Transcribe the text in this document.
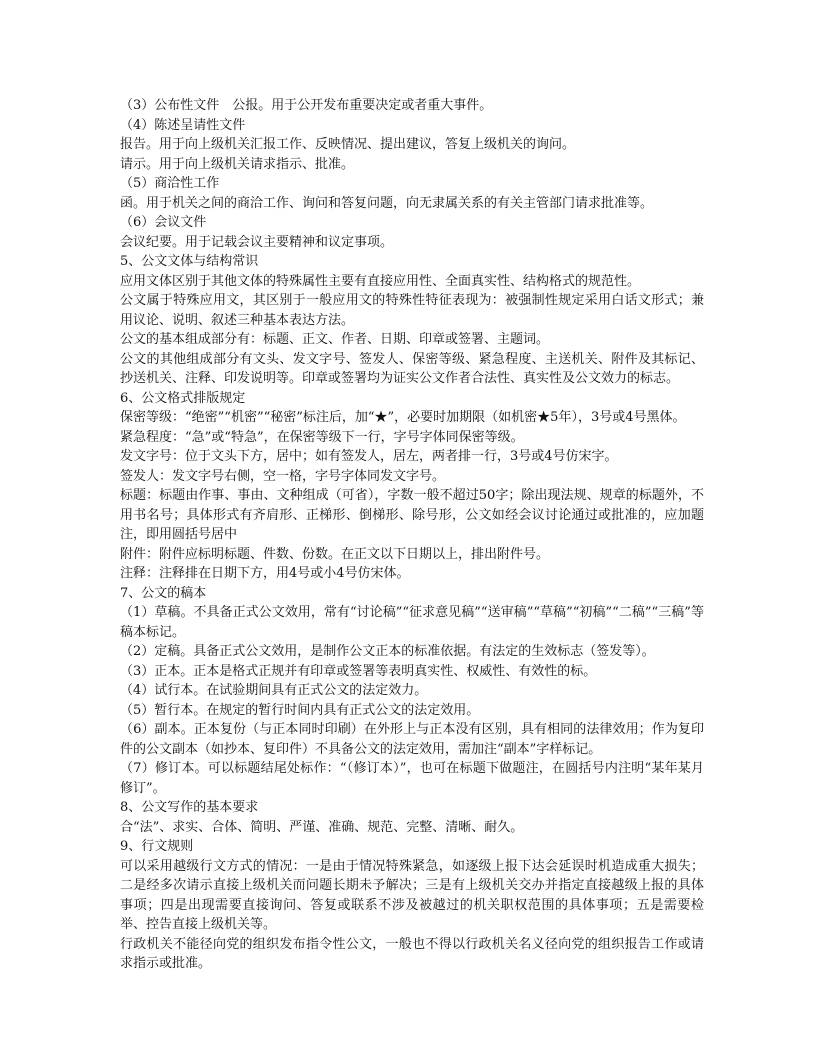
（3）公布性文件　公报。用于公开发布重要决定或者重大事件。

（4）陈述呈请性文件

报告。用于向上级机关汇报工作、反映情况、提出建议，答复上级机关的询问。

请示。用于向上级机关请求指示、批准。

（5）商洽性工作

函。用于机关之间的商洽工作、询问和答复问题，向无隶属关系的有关主管部门请求批准等。

（6）会议文件

会议纪要。用于记载会议主要精神和议定事项。

5、公文文体与结构常识

应用文体区别于其他文体的特殊属性主要有直接应用性、全面真实性、结构格式的规范性。

公文属于特殊应用文，其区别于一般应用文的特殊性特征表现为：被强制性规定采用白话文形式；兼用议论、说明、叙述三种基本表达方法。

公文的基本组成部分有：标题、正文、作者、日期、印章或签署、主题词。

公文的其他组成部分有文头、发文字号、签发人、保密等级、紧急程度、主送机关、附件及其标记、抄送机关、注释、印发说明等。印章或签署均为证实公文作者合法性、真实性及公文效力的标志。

6、公文格式排版规定

保密等级：“绝密”“机密”“秘密”标注后，加“★”，必要时加期限（如机密★5年），3号或4号黑体。

紧急程度：“急”或“特急”，在保密等级下一行，字号字体同保密等级。

发文字号：位于文头下方，居中；如有签发人，居左，两者排一行，3号或4号仿宋字。

签发人：发文字号右侧，空一格，字号字体同发文字号。

标题：标题由作事、事由、文种组成（可省），字数一般不超过50字；除出现法规、规章的标题外，不用书名号；具体形式有齐肩形、正梯形、倒梯形、除号形，公文如经会议讨论通过或批准的，应加题注，即用圆括号居中

附件：附件应标明标题、件数、份数。在正文以下日期以上，排出附件号。

注释：注释排在日期下方，用4号或小4号仿宋体。

7、公文的稿本

（1）草稿。不具备正式公文效用，常有“讨论稿”“征求意见稿”“送审稿”“草稿”“初稿”“二稿”“三稿”等稿本标记。

（2）定稿。具备正式公文效用，是制作公文正本的标准依据。有法定的生效标志（签发等）。

（3）正本。正本是格式正规并有印章或签署等表明真实性、权威性、有效性的标。

（4）试行本。在试验期间具有正式公文的法定效力。

（5）暂行本。在规定的暂行时间内具有正式公文的法定效用。

（6）副本。正本复份（与正本同时印刷）在外形上与正本没有区别，具有相同的法律效用；作为复印件的公文副本（如抄本、复印件）不具备公文的法定效用，需加注“副本”字样标记。

（7）修订本。可以标题结尾处标作：“（修订本）”，也可在标题下做题注，在圆括号内注明“某年某月修订”。

8、公文写作的基本要求

合“法”、求实、合体、简明、严谨、准确、规范、完整、清晰、耐久。

9、行文规则

可以采用越级行文方式的情况：一是由于情况特殊紧急，如逐级上报下达会延误时机造成重大损失；二是经多次请示直接上级机关而问题长期未予解决；三是有上级机关交办并指定直接越级上报的具体事项；四是出现需要直接询问、答复或联系不涉及被越过的机关职权范围的具体事项；五是需要检举、控告直接上级机关等。

行政机关不能径向党的组织发布指令性公文，一般也不得以行政机关名义径向党的组织报告工作或请求指示或批准。
